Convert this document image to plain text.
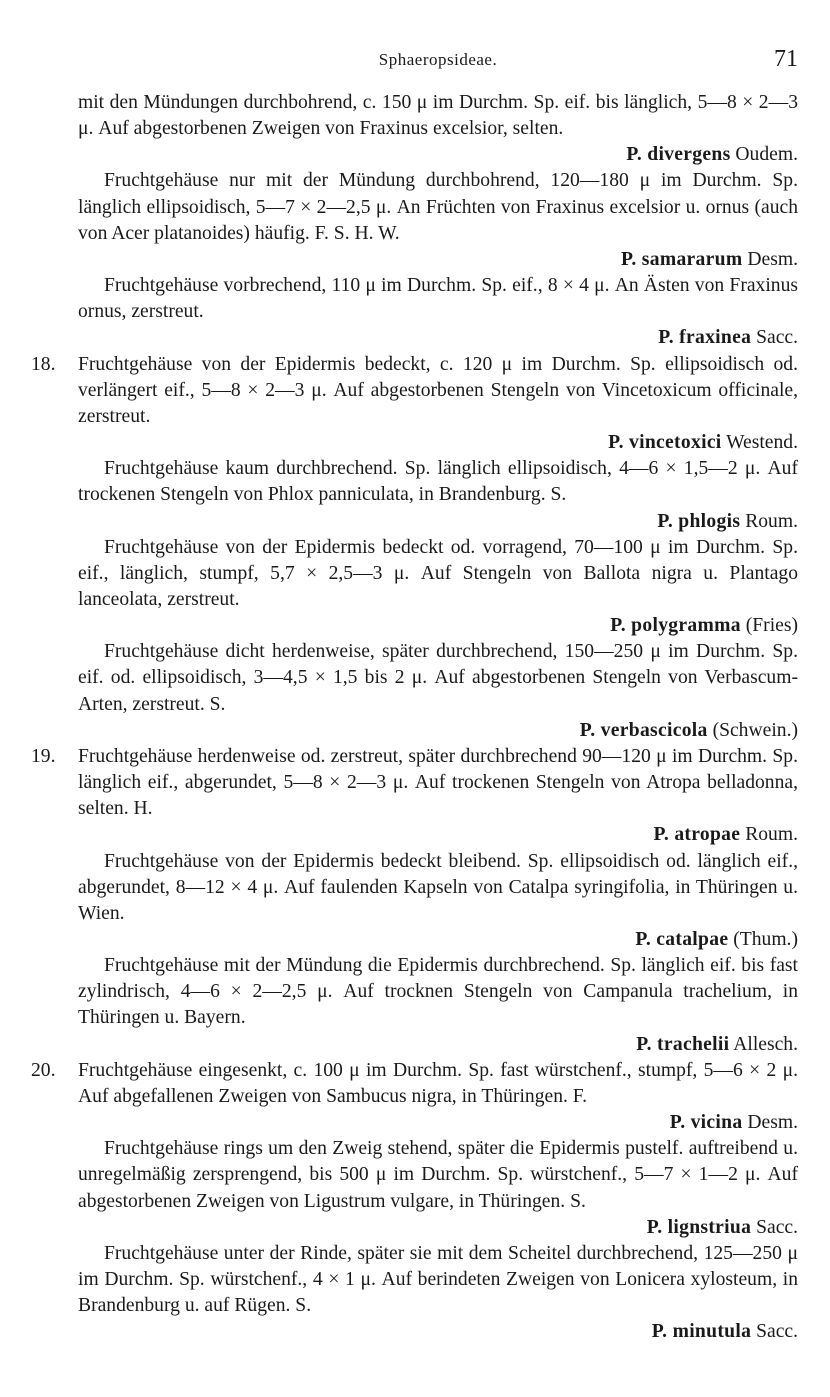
Sphaeropsideae.	71

mit den Mündungen durchbohrend, c. 150 μ im Durchm. Sp. eif. bis länglich, 5—8 × 2—3 μ. Auf abgestorbenen Zweigen von Fraxinus excelsior, selten.
P. divergens Oudem.

Fruchtgehäuse nur mit der Mündung durchbohrend, 120—180 μ im Durchm. Sp. länglich ellipsoidisch, 5—7 × 2—2,5 μ. An Früchten von Fraxinus excelsior u. ornus (auch von Acer platanoides) häufig. F. S. H. W.
P. samararum Desm.

Fruchtgehäuse vorbrechend, 110 μ im Durchm. Sp. eif., 8 × 4 μ. An Ästen von Fraxinus ornus, zerstreut.
P. fraxinea Sacc.

18.	Fruchtgehäuse von der Epidermis bedeckt, c. 120 μ im Durchm. Sp. ellipsoidisch od. verlängert eif., 5—8 × 2—3 μ. Auf abgestorbenen Stengeln von Vincetoxicum officinale, zerstreut.
P. vincetoxici Westend.

Fruchtgehäuse kaum durchbrechend. Sp. länglich ellipsoidisch, 4—6 × 1,5—2 μ. Auf trockenen Stengeln von Phlox panniculata, in Brandenburg. S.
P. phlogis Roum.

Fruchtgehäuse von der Epidermis bedeckt od. vorragend, 70—100 μ im Durchm. Sp. eif., länglich, stumpf, 5,7 × 2,5—3 μ. Auf Stengeln von Ballota nigra u. Plantago lanceolata, zerstreut.
P. polygramma (Fries)

Fruchtgehäuse dicht herdenweise, später durchbrechend, 150—250 μ im Durchm. Sp. eif. od. ellipsoidisch, 3—4,5 × 1,5 bis 2 μ. Auf abgestorbenen Stengeln von Verbascum-Arten, zerstreut. S.
P. verbascicola (Schwein.)

19.	Fruchtgehäuse herdenweise od. zerstreut, später durchbrechend 90—120 μ im Durchm. Sp. länglich eif., abgerundet, 5—8 × 2—3 μ. Auf trockenen Stengeln von Atropa belladonna, selten. H.
P. atropae Roum.

Fruchtgehäuse von der Epidermis bedeckt bleibend. Sp. ellipsoidisch od. länglich eif., abgerundet, 8—12 × 4 μ. Auf faulenden Kapseln von Catalpa syringifolia, in Thüringen u. Wien.
P. catalpae (Thum.)

Fruchtgehäuse mit der Mündung die Epidermis durchbrechend. Sp. länglich eif. bis fast zylindrisch, 4—6 × 2—2,5 μ. Auf trocknen Stengeln von Campanula trachelium, in Thüringen u. Bayern.
P. trachelii Allesch.

20.	Fruchtgehäuse eingesenkt, c. 100 μ im Durchm. Sp. fast würstchenf., stumpf, 5—6 × 2 μ. Auf abgefallenen Zweigen von Sambucus nigra, in Thüringen. F.
P. vicina Desm.

Fruchtgehäuse rings um den Zweig stehend, später die Epidermis pustelf. auftreibend u. unregelmäßig zersprengend, bis 500 μ im Durchm. Sp. würstchenf., 5—7 × 1—2 μ. Auf abgestorbenen Zweigen von Ligustrum vulgare, in Thüringen. S.
P. lignstriua Sacc.

Fruchtgehäuse unter der Rinde, später sie mit dem Scheitel durchbrechend, 125—250 μ im Durchm. Sp. würstchenf., 4 × 1 μ. Auf berindeten Zweigen von Lonicera xylosteum, in Brandenburg u. auf Rügen. S.
P. minutula Sacc.
